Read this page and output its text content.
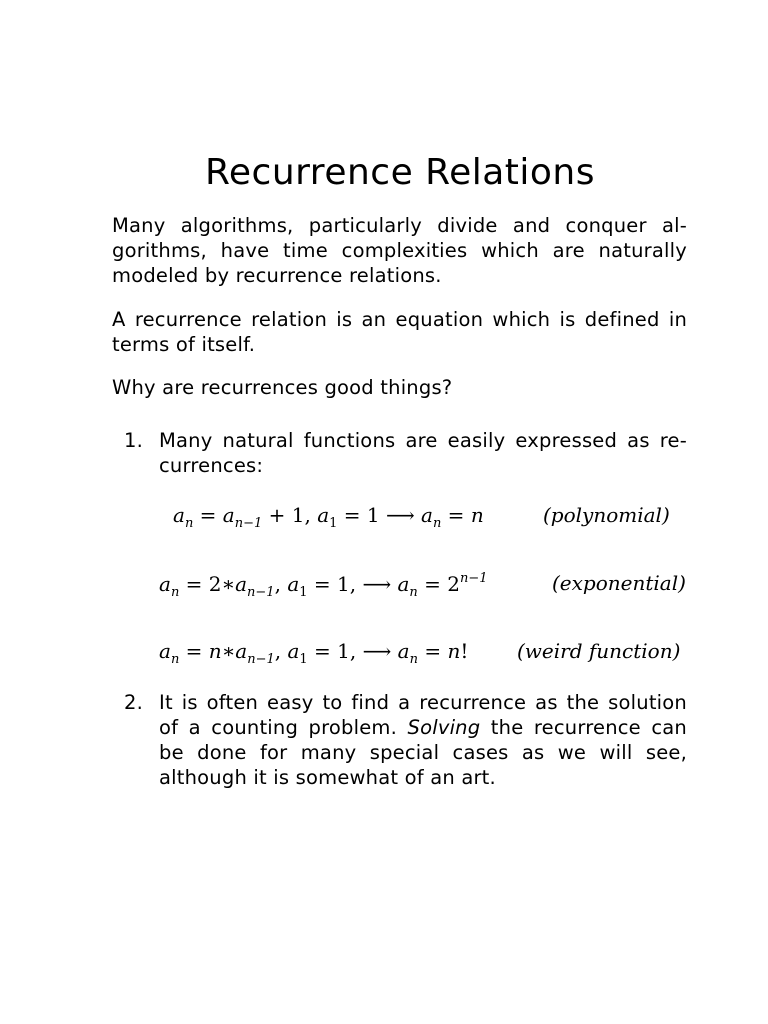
Recurrence Relations

Many algorithms, particularly divide and conquer al-
gorithms, have time complexities which are naturally
modeled by recurrence relations.

A recurrence relation is an equation which is defined in
terms of itself.

Why are recurrences good things?

1. Many natural functions are easily expressed as re-
currences:
$a_n = a_{n-1} + 1$, $a_1 = 1$ ⟶ $a_n = n$	(polynomial)
$a_n$ = $2∗a_{n-1}$, $a_1 = 1$, ⟶ $a_n = 2^{n-1}$	(exponential)
$a_n$ = $n∗a_{n-1}$, $a_1 = 1$, ⟶ $a_n = n$! (weird function)
2. It is often easy to find a recurrence as the solution
of a counting problem. Solving the recurrence can
be done for many special cases as we will see,
although it is somewhat of an art.
